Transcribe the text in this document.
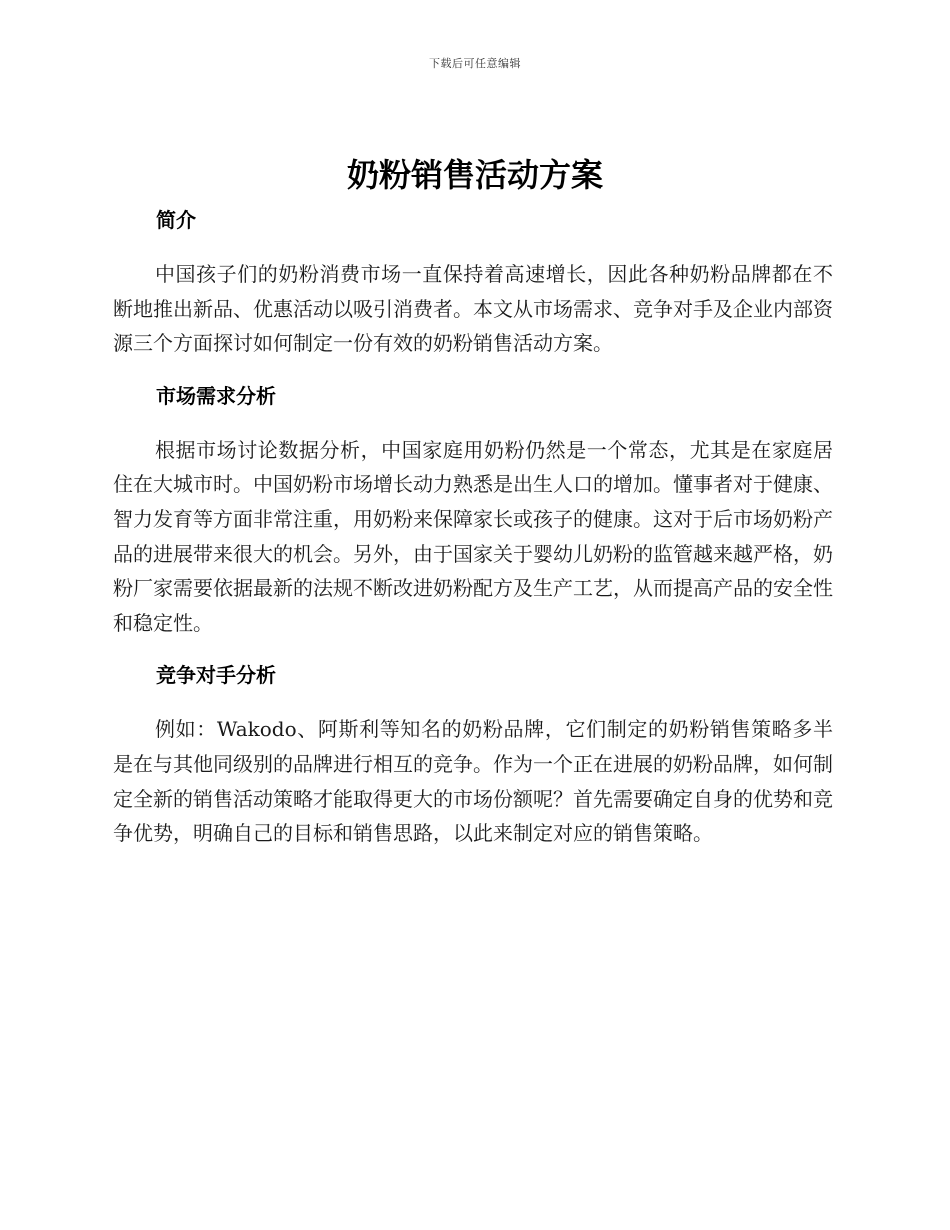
下载后可任意编辑
奶粉销售活动方案
简介

中国孩子们的奶粉消费市场一直保持着高速增长，因此各种奶粉品牌都在不断地推出新品、优惠活动以吸引消费者。本文从市场需求、竞争对手及企业内部资源三个方面探讨如何制定一份有效的奶粉销售活动方案。

市场需求分析

根据市场讨论数据分析，中国家庭用奶粉仍然是一个常态，尤其是在家庭居住在大城市时。中国奶粉市场增长动力熟悉是出生人口的增加。懂事者对于健康、智力发育等方面非常注重，用奶粉来保障家长或孩子的健康。这对于后市场奶粉产品的进展带来很大的机会。另外，由于国家关于婴幼儿奶粉的监管越来越严格，奶粉厂家需要依据最新的法规不断改进奶粉配方及生产工艺，从而提高产品的安全性和稳定性。

竞争对手分析

例如：Wakodo、阿斯利等知名的奶粉品牌，它们制定的奶粉销售策略多半是在与其他同级别的品牌进行相互的竞争。作为一个正在进展的奶粉品牌，如何制定全新的销售活动策略才能取得更大的市场份额呢？首先需要确定自身的优势和竞争优势，明确自己的目标和销售思路，以此来制定对应的销售策略。
